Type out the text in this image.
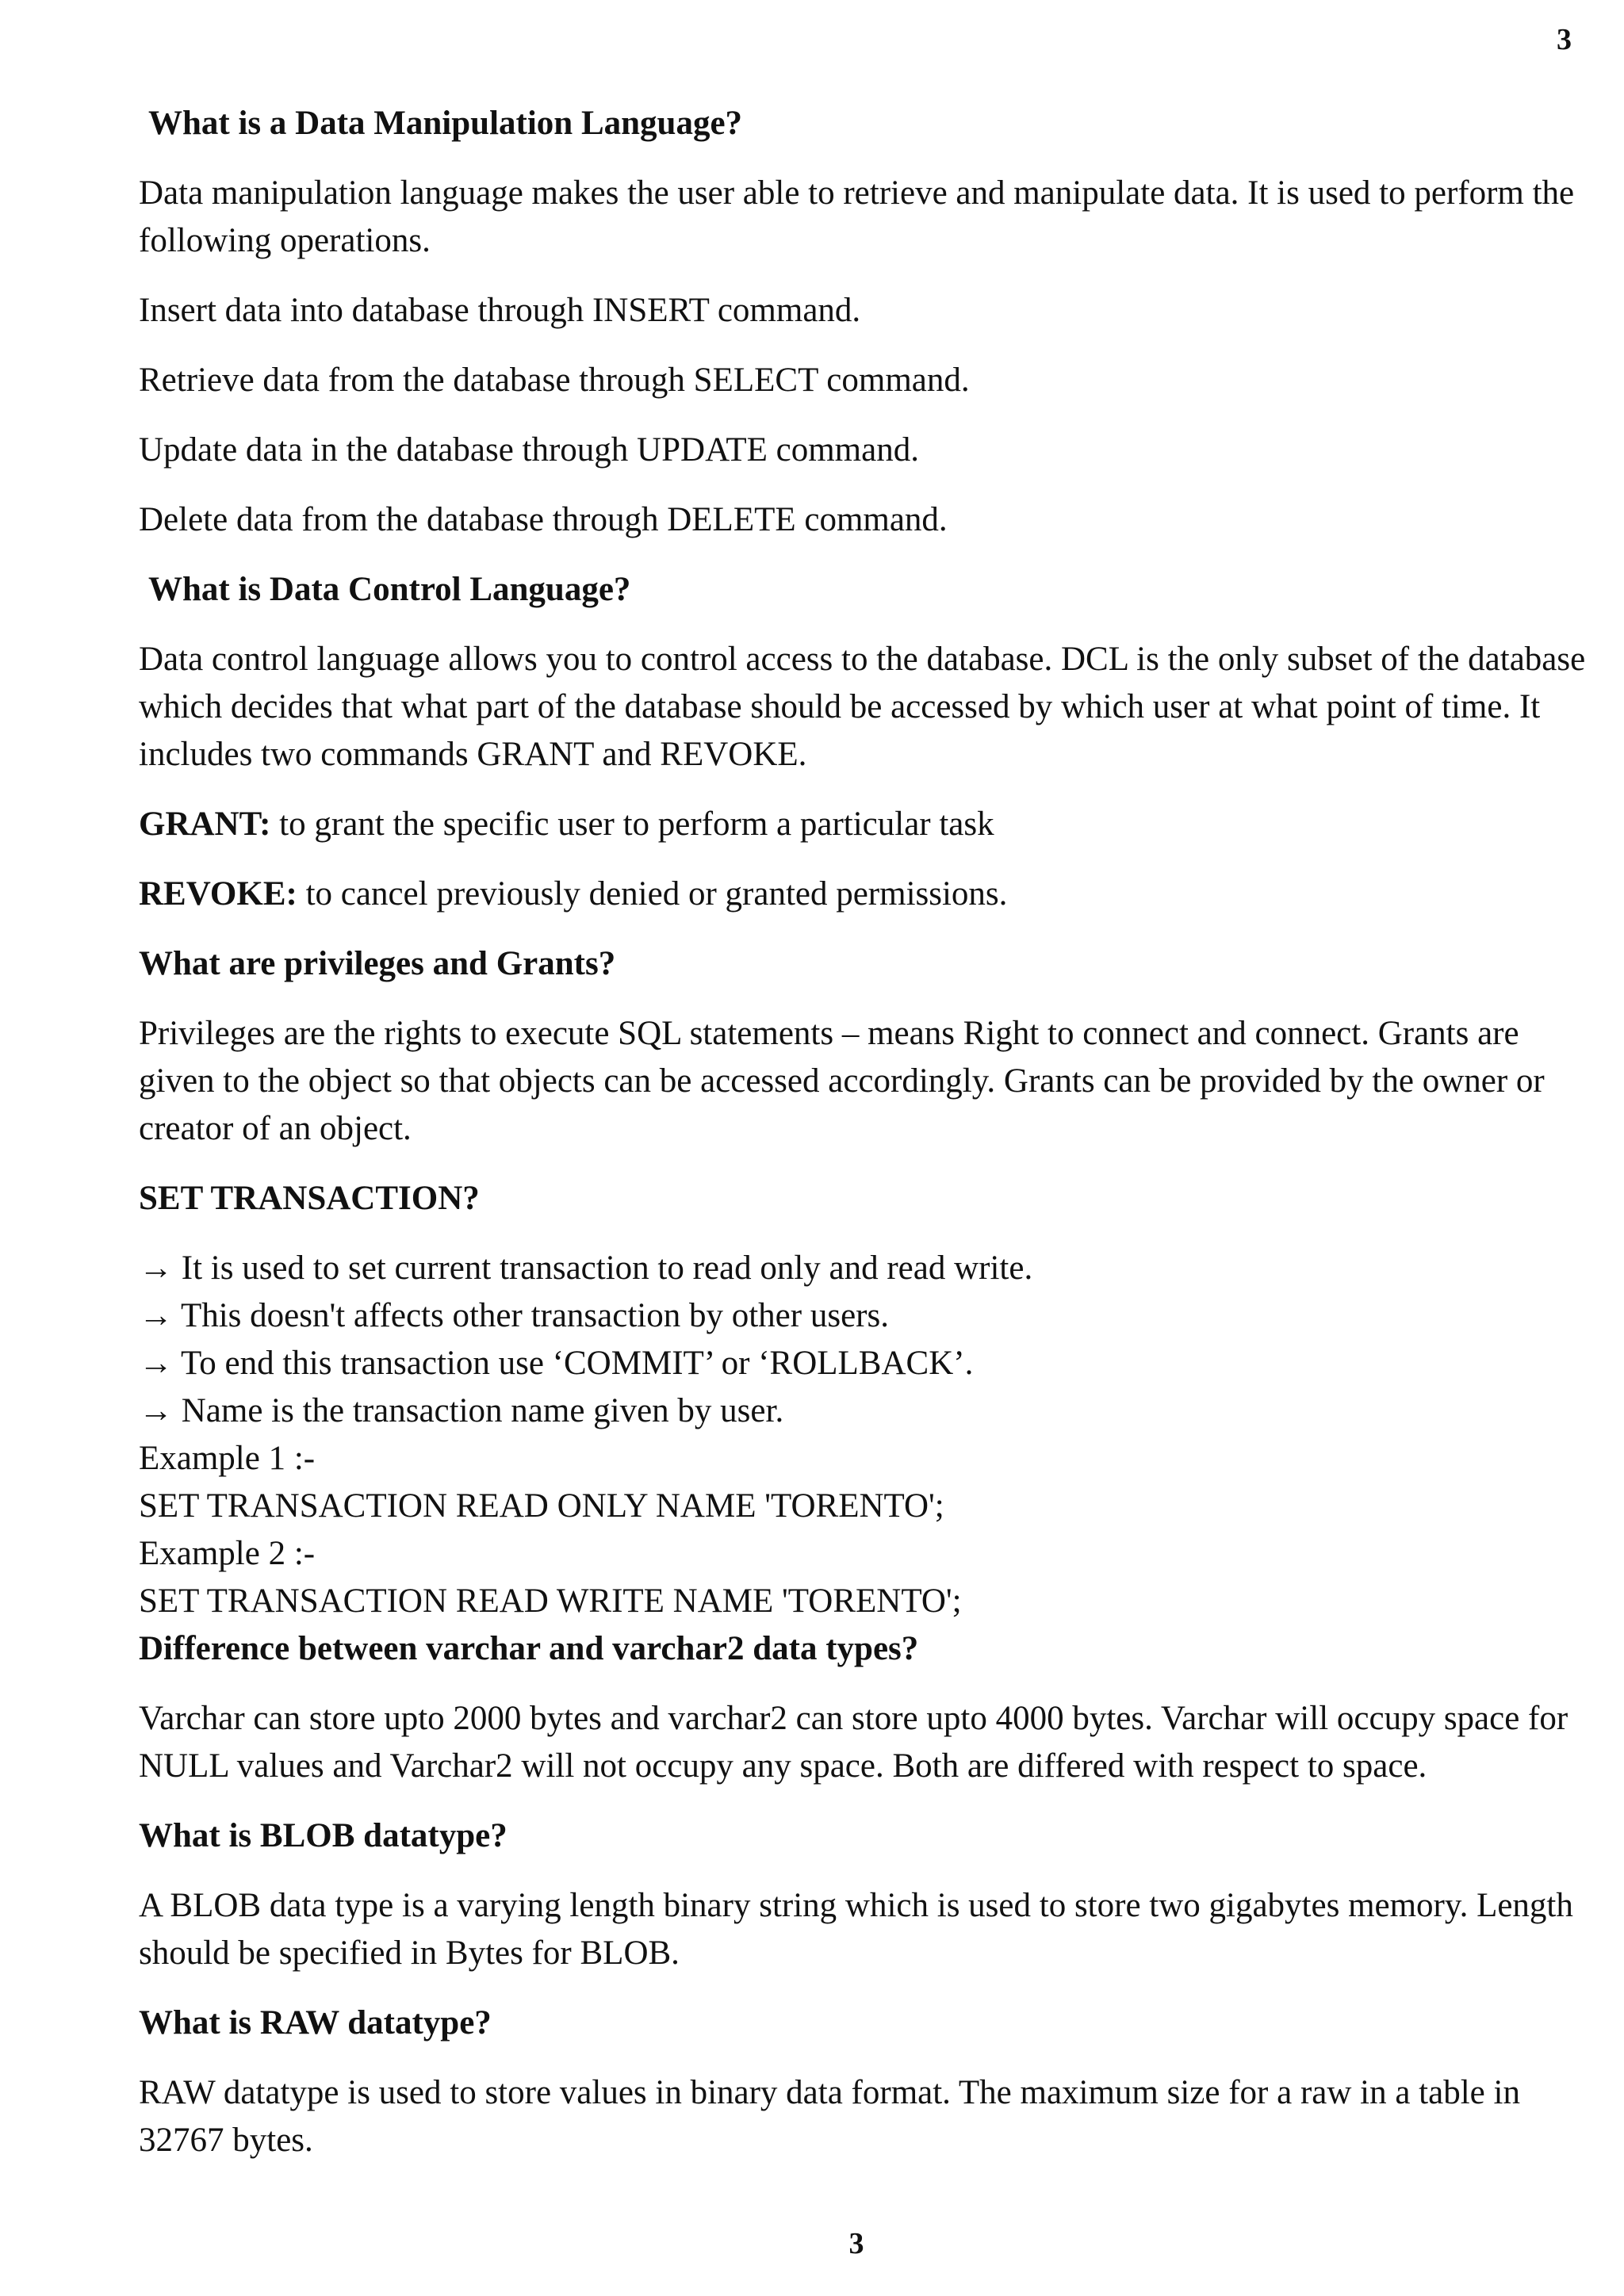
3
What is a Data Manipulation Language?
Data manipulation language makes the user able to retrieve and manipulate data. It is used to perform the following operations.
Insert data into database through INSERT command.
Retrieve data from the database through SELECT command.
Update data in the database through UPDATE command.
Delete data from the database through DELETE command.
What is Data Control Language?
Data control language allows you to control access to the database. DCL is the only subset of the database which decides that what part of the database should be accessed by which user at what point of time. It includes two commands GRANT and REVOKE.
GRANT: to grant the specific user to perform a particular task
REVOKE: to cancel previously denied or granted permissions.
What are privileges and Grants?
Privileges are the rights to execute SQL statements – means Right to connect and connect. Grants are given to the object so that objects can be accessed accordingly. Grants can be provided by the owner or creator of an object.
SET TRANSACTION?
→ It is used to set current transaction to read only and read write.
→ This doesn't affects other transaction by other users.
→ To end this transaction use ‘COMMIT’ or ‘ROLLBACK’.
→ Name is the transaction name given by user.
Example 1 :-
SET TRANSACTION READ ONLY NAME 'TORENTO';
Example 2 :-
SET TRANSACTION READ WRITE NAME 'TORENTO';
Difference between varchar and varchar2 data types?
Varchar can store upto 2000 bytes and varchar2 can store upto 4000 bytes. Varchar will occupy space for NULL values and Varchar2 will not occupy any space. Both are differed with respect to space.
What is BLOB datatype?
A BLOB data type is a varying length binary string which is used to store two gigabytes memory. Length should be specified in Bytes for BLOB.
What is RAW datatype?
RAW datatype is used to store values in binary data format. The maximum size for a raw in a table in 32767 bytes.
3
